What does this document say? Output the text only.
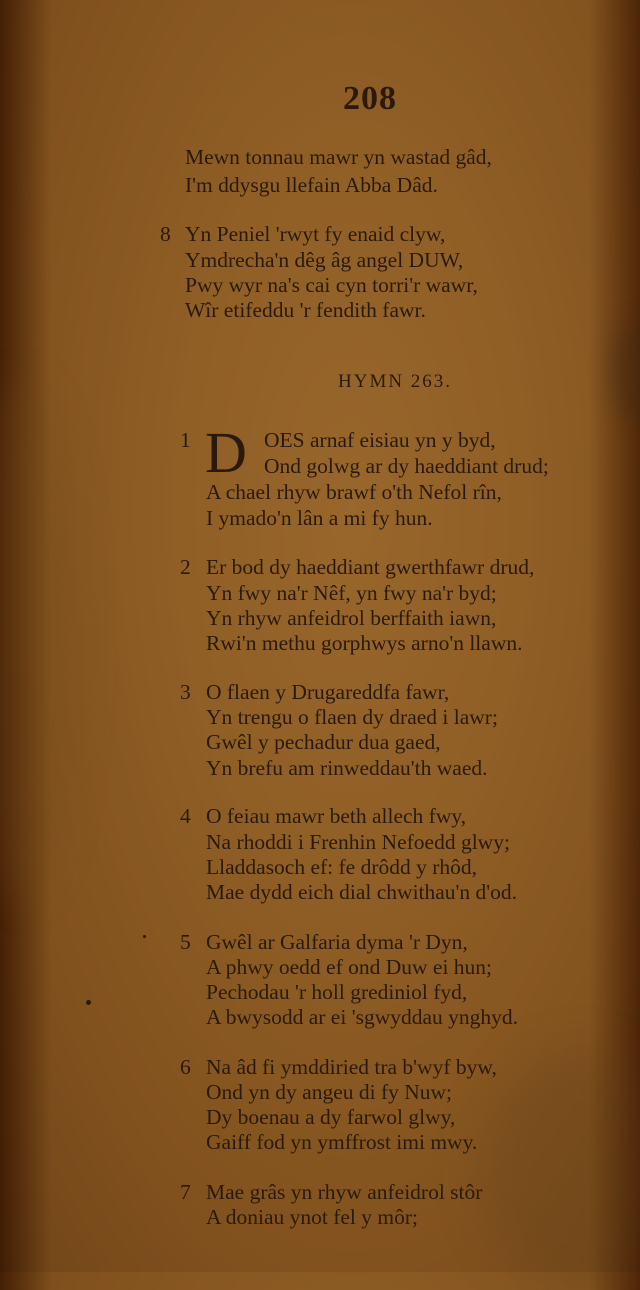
208
Mewn tonnau mawr yn wastad gâd,
I'm ddysgu llefain Abba Dâd.
8 Yn Peniel 'rwyt fy enaid clyw,
Ymdrecha'n dêg âg angel DUW,
Pwy wyr na's cai cyn torri'r wawr,
Wîr etifeddu 'r fendith fawr.
HYMN 263.
1 D OES arnaf eisiau yn y byd,
Ond golwg ar dy haeddiant drud;
A chael rhyw brawf o'th Nefol rîn,
I ymado'n lân a mi fy hun.
2 Er bod dy haeddiant gwerthfawr drud,
Yn fwy na'r Nêf, yn fwy na'r byd;
Yn rhyw anfeidrol berffaith iawn,
Rwi'n methu gorphwys arno'n llawn.
3 O flaen y Drugareddfa fawr,
Yn trengu o flaen dy draed i lawr;
Gwêl y pechadur dua gaed,
Yn brefu am rinweddau'th waed.
4 O feiau mawr beth allech fwy,
Na rhoddi i Frenhin Nefoedd glwy;
Lladdasoch ef: fe drôdd y rhôd,
Mae dydd eich dial chwithau'n d'od.
5 Gwêl ar Galfaria dyma 'r Dyn,
A phwy oedd ef ond Duw ei hun;
Pechodau 'r holl grediniol fyd,
A bwysodd ar ei 'sgwyddau ynghyd.
6 Na âd fi ymddiried tra b'wyf byw,
Ond yn dy angeu di fy Nuw;
Dy boenau a dy farwol glwy,
Gaiff fod yn ymffrost imi mwy.
7 Mae grâs yn rhyw anfeidrol stôr
A doniau ynot fel y môr;
